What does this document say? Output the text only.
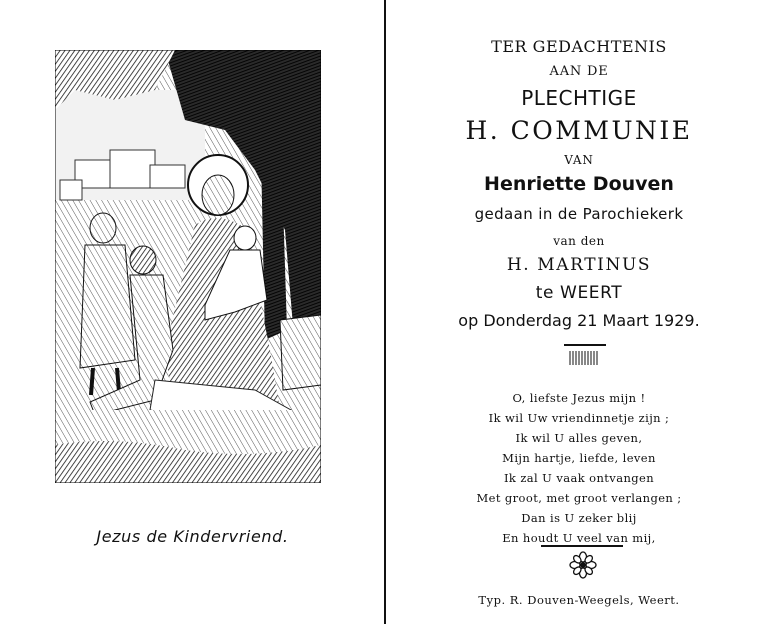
Jezus de Kindervriend.
TER GEDACHTENIS
AAN DE
PLECHTIGE
H. COMMUNIE
VAN
Henriette Douven
gedaan in de Parochiekerk
van den
H. MARTINUS
te WEERT
op Donderdag 21 Maart 1929.
O, liefste Jezus mijn !
Ik wil Uw vriendinnetje zijn ;
Ik wil U alles geven,
Mijn hartje, liefde, leven
Ik zal U vaak ontvangen
Met groot, met groot verlangen ;
Dan is U zeker blij
En houdt U veel van mij,
Typ. R. Douven-Weegels, Weert.
